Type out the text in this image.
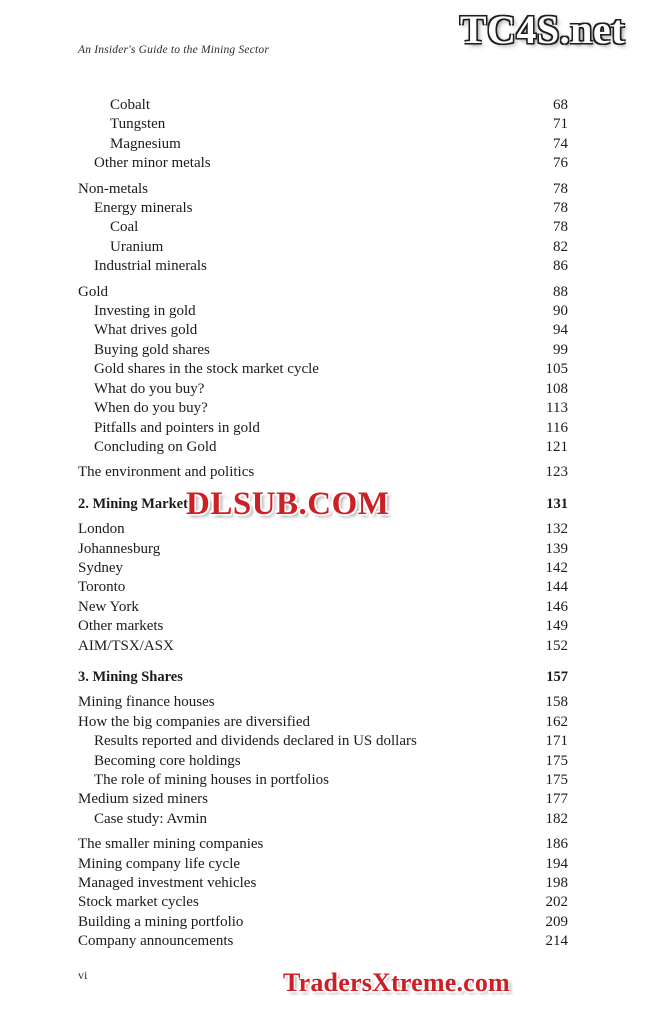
An Insider's Guide to the Mining Sector
Cobalt	68
Tungsten	71
Magnesium	74
Other minor metals	76
Non-metals	78
Energy minerals	78
Coal	78
Uranium	82
Industrial minerals	86
Gold	88
Investing in gold	90
What drives gold	94
Buying gold shares	99
Gold shares in the stock market cycle	105
What do you buy?	108
When do you buy?	113
Pitfalls and pointers in gold	116
Concluding on Gold	121
The environment and politics	123
2. Mining Markets	131
London	132
Johannesburg	139
Sydney	142
Toronto	144
New York	146
Other markets	149
AIM/TSX/ASX	152
3. Mining Shares	157
Mining finance houses	158
How the big companies are diversified	162
Results reported and dividends declared in US dollars	171
Becoming core holdings	175
The role of mining houses in portfolios	175
Medium sized miners	177
Case study: Avmin	182
The smaller mining companies	186
Mining company life cycle	194
Managed investment vehicles	198
Stock market cycles	202
Building a mining portfolio	209
Company announcements	214
vi
TC4S.net
DLSUB.COM
TradersXtreme.com
